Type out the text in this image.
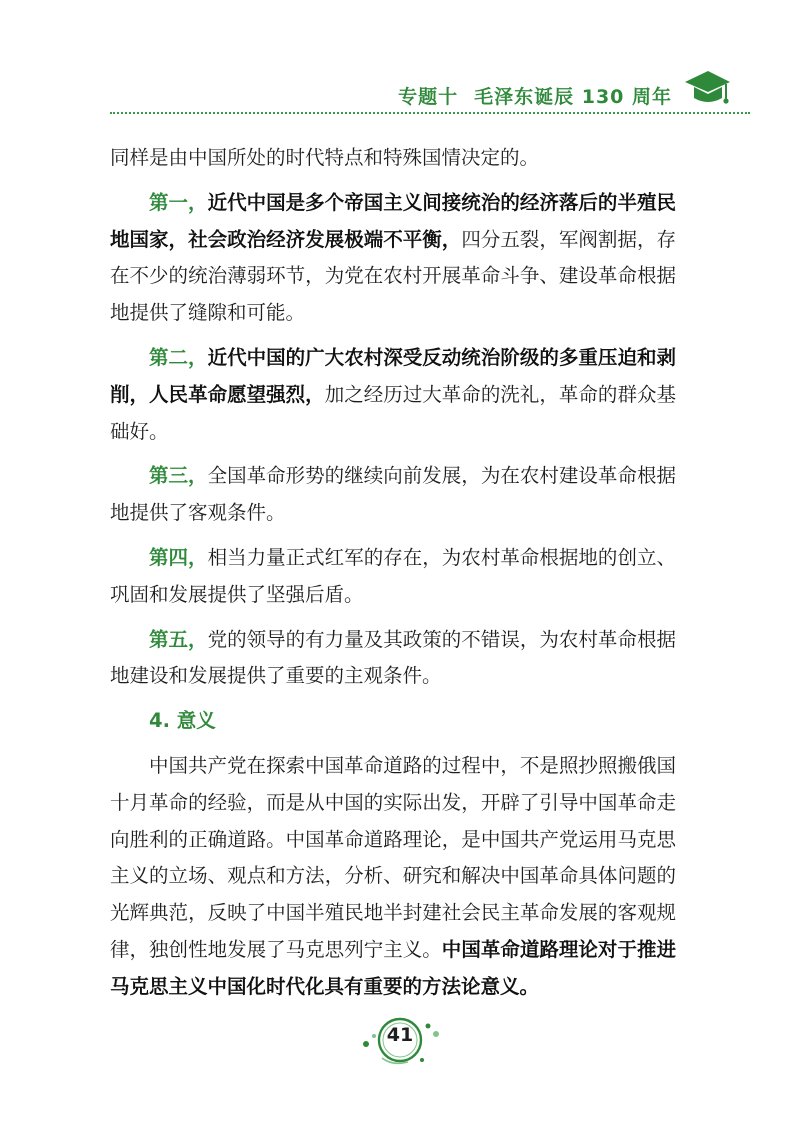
专题十 毛泽东诞辰 130 周年

同样是由中国所处的时代特点和特殊国情决定的。

第一，近代中国是多个帝国主义间接统治的经济落后的半殖民地国家，社会政治经济发展极端不平衡，四分五裂，军阀割据，存在不少的统治薄弱环节，为党在农村开展革命斗争、建设革命根据地提供了缝隙和可能。

第二，近代中国的广大农村深受反动统治阶级的多重压迫和剥削，人民革命愿望强烈，加之经历过大革命的洗礼，革命的群众基础好。

第三，全国革命形势的继续向前发展，为在农村建设革命根据地提供了客观条件。

第四，相当力量正式红军的存在，为农村革命根据地的创立、巩固和发展提供了坚强后盾。

第五，党的领导的有力量及其政策的不错误，为农村革命根据地建设和发展提供了重要的主观条件。

4. 意义

中国共产党在探索中国革命道路的过程中，不是照抄照搬俄国十月革命的经验，而是从中国的实际出发，开辟了引导中国革命走向胜利的正确道路。中国革命道路理论，是中国共产党运用马克思主义的立场、观点和方法，分析、研究和解决中国革命具体问题的光辉典范，反映了中国半殖民地半封建社会民主革命发展的客观规律，独创性地发展了马克思列宁主义。中国革命道路理论对于推进马克思主义中国化时代化具有重要的方法论意义。

41
